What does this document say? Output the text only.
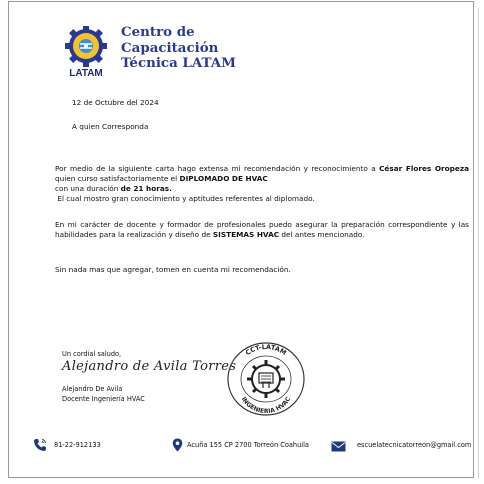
LATAM
Centro de
Capacitación
Técnica LATAM
12 de Octubre del 2024
A quien Corresponda
Por medio de la siguiente carta hago extensa mi recomendación y reconocimiento a César Flores Oropeza quien curso satisfactoriamente el DIPLOMADO DE HVAC
con una duración de 21 horas.
El cual mostro gran conocimiento y aptitudes referentes al diplomado.
En mi carácter de docente y formador de profesionales puedo asegurar la preparación correspondiente y las habilidades para la realización y diseño de SISTEMAS HVAC del antes mencionado.
Sin nada mas que agregar, tomen en cuenta mi recomendación.
Un cordial saludo,
Alejandro de Avila Torres
Alejandro De Avila
Docente Ingeniería HVAC
CCT-LATAM
INGENIERIA HVAC
81-22-912133	Acuña 155 CP 2700 Torreón Coahuila	escuelatecnicatorreon@gmail.com
